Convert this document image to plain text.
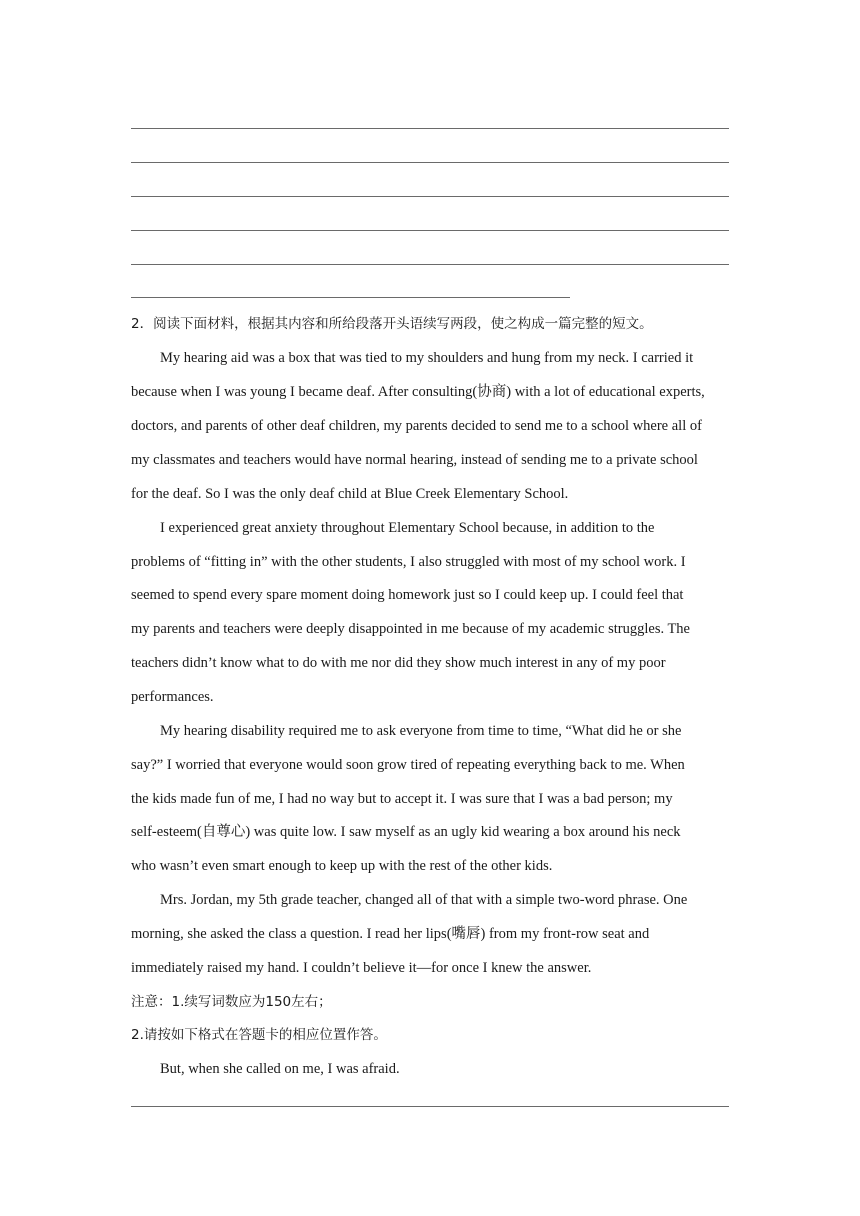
2．阅读下面材料，根据其内容和所给段落开头语续写两段，使之构成一篇完整的短文。
My hearing aid was a box that was tied to my shoulders and hung from my neck. I carried it
because when I was young I became deaf. After consulting(协商) with a lot of educational experts,
doctors, and parents of other deaf children, my parents decided to send me to a school where all of
my classmates and teachers would have normal hearing, instead of sending me to a private school
for the deaf. So I was the only deaf child at Blue Creek Elementary School.
I experienced great anxiety throughout Elementary School because, in addition to the
problems of “fitting in” with the other students, I also struggled with most of my school work. I
seemed to spend every spare moment doing homework just so I could keep up. I could feel that
my parents and teachers were deeply disappointed in me because of my academic struggles. The
teachers didn’t know what to do with me nor did they show much interest in any of my poor
performances.
My hearing disability required me to ask everyone from time to time, “What did he or she
say?” I worried that everyone would soon grow tired of repeating everything back to me. When
the kids made fun of me, I had no way but to accept it. I was sure that I was a bad person; my
self-esteem(自尊心) was quite low. I saw myself as an ugly kid wearing a box around his neck
who wasn’t even smart enough to keep up with the rest of the other kids.
Mrs. Jordan, my 5th grade teacher, changed all of that with a simple two-word phrase. One
morning, she asked the class a question. I read her lips(嘴唇) from my front-row seat and
immediately raised my hand. I couldn’t believe it—for once I knew the answer.
注意：1.续写词数应为150左右；
2.请按如下格式在答题卡的相应位置作答。
But, when she called on me, I was afraid.
